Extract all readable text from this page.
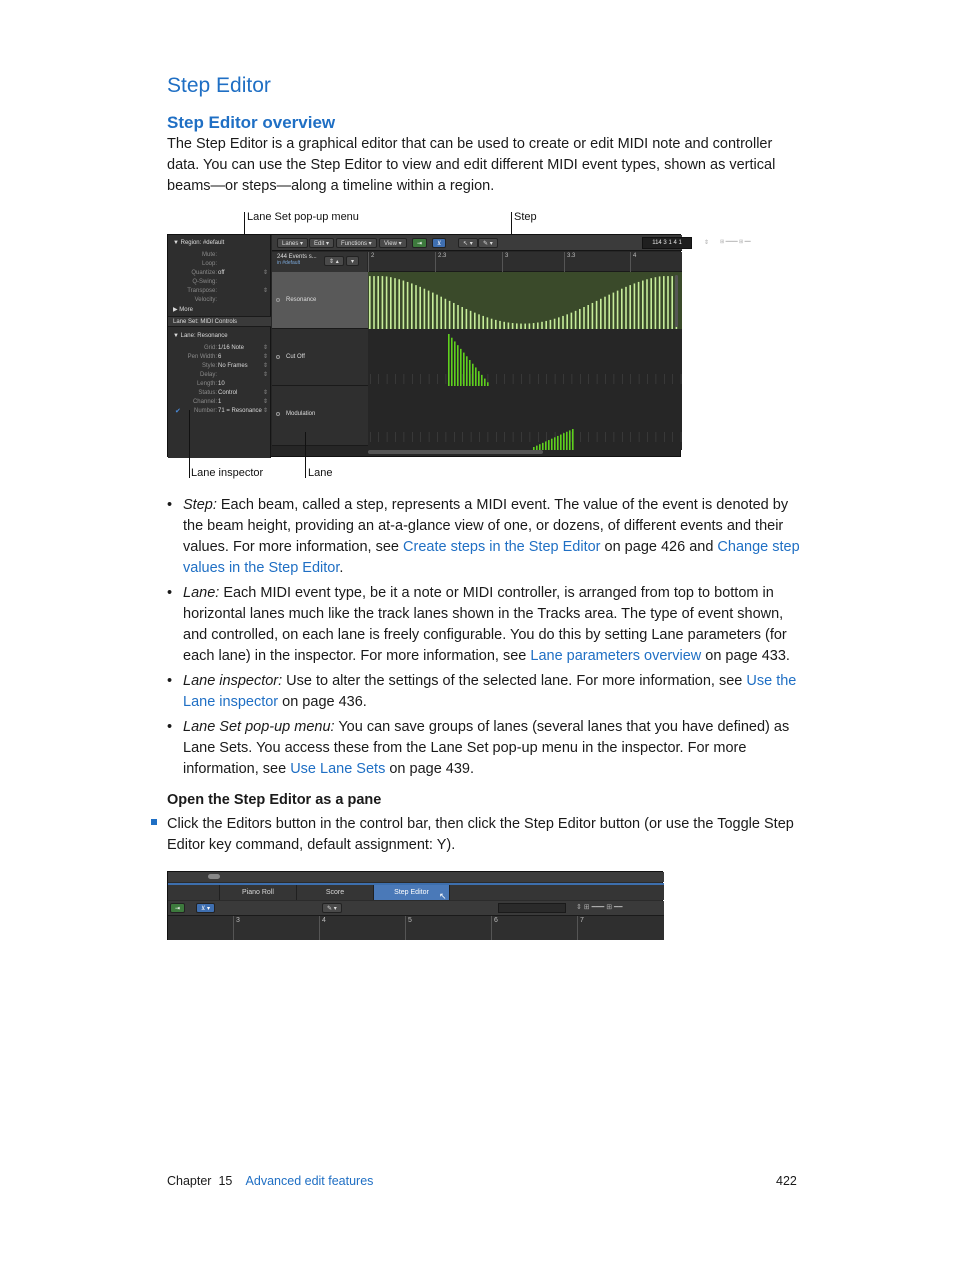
Step Editor
Step Editor overview
The Step Editor is a graphical editor that can be used to create or edit MIDI note and controller data. You can use the Step Editor to view and edit different MIDI event types, shown as vertical beams—or steps—along a timeline within a region.
Lane Set pop-up menu	Step
▼ Region: #default
Mute:
Loop:
Quantize: off	⇕
Q-Swing:
Transpose:	⇕
Velocity:
▶ More
Lane Set: MIDI Controls
▼ Lane: Resonance
Grid: 1/16 Note	⇕
Pen Width: 6	⇕
Style: No Frames	⇕
Delay:	⇕
Length: 10
Status: Control	⇕
Channel: 1	⇕
Number: 71 = Resonance ⇕
✔
Lanes ▾	Edit ▾	Functions ▾	View ▾	⇥	⊻	↖ ▾	✎ ▾	114 3 1 4 1	⇕ ⊞ ━━━━ ⊞ ━━
244 Events s...
in #default	⇕ ▴	▾
2	2.3	3	3.3	4
Resonance
Cut Off
Modulation
Lane inspector	Lane
• Step: Each beam, called a step, represents a MIDI event. The value of the event is denoted by the beam height, providing an at-a-glance view of one, or dozens, of different events and their values. For more information, see Create steps in the Step Editor on page 426 and Change step values in the Step Editor.
• Lane: Each MIDI event type, be it a note or MIDI controller, is arranged from top to bottom in horizontal lanes much like the track lanes shown in the Tracks area. The type of event shown, and controlled, on each lane is freely configurable. You do this by setting Lane parameters (for each lane) in the inspector. For more information, see Lane parameters overview on page 433.
• Lane inspector: Use to alter the settings of the selected lane. For more information, see Use the Lane inspector on page 436.
• Lane Set pop-up menu: You can save groups of lanes (several lanes that you have defined) as Lane Sets. You access these from the Lane Set pop-up menu in the inspector. For more information, see Use Lane Sets on page 439.
Open the Step Editor as a pane
Click the Editors button in the control bar, then click the Step Editor button (or use the Toggle Step Editor key command, default assignment: Y).
Piano Roll	Score	Step Editor	↖
⇥	⊻ ▾	✎ ▾	⇕ ⊞ ━━━ ⊞ ━━
3	4	5	6	7
Chapter 15 Advanced edit features	422
